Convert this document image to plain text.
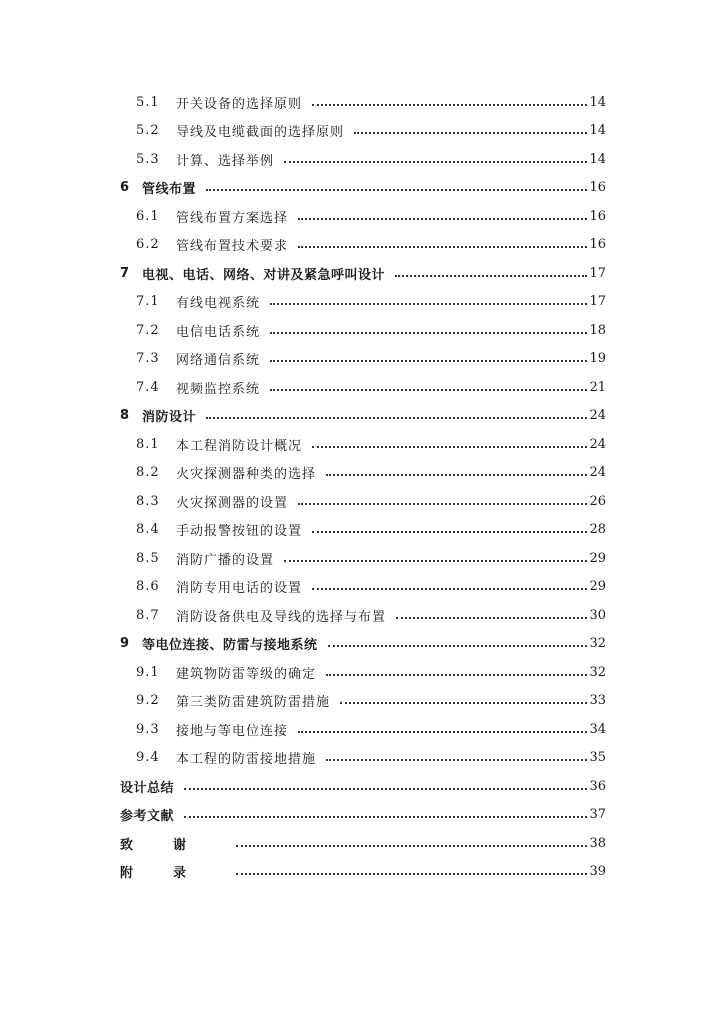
5.1	开关设备的选择原则	14
5.2	导线及电缆截面的选择原则	14
5.3	计算、选择举例	14
6 管线布置	16
6.1	管线布置方案选择	16
6.2	管线布置技术要求	16
7 电视、电话、网络、对讲及紧急呼叫设计	17
7.1	有线电视系统	17
7.2	电信电话系统	18
7.3	网络通信系统	19
7.4	视频监控系统	21
8 消防设计	24
8.1	本工程消防设计概况	24
8.2	火灾探测器种类的选择	24
8.3	火灾探测器的设置	26
8.4	手动报警按钮的设置	28
8.5	消防广播的设置	29
8.6	消防专用电话的设置	29
8.7	消防设备供电及导线的选择与布置	30
9 等电位连接、防雷与接地系统	32
9.1	建筑物防雷等级的确定	32
9.2	第三类防雷建筑防雷措施	33
9.3	接地与等电位连接	34
9.4	本工程的防雷接地措施	35
设计总结	36
参考文献	37
致谢	38
附录	39
